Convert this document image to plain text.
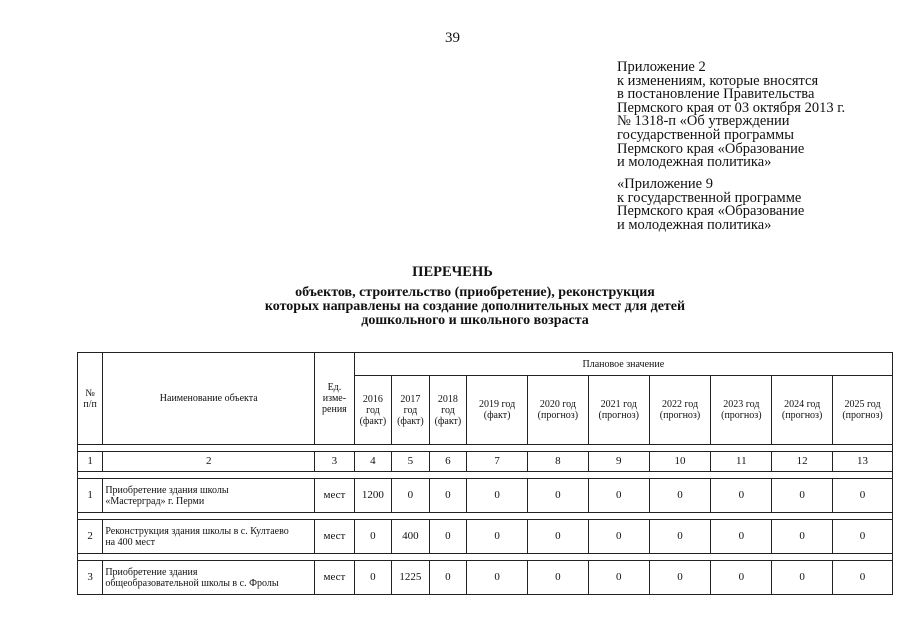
39
Приложение 2
к изменениям, которые вносятся
в постановление Правительства
Пермского края от 03 октября 2013 г.
№ 1318-п «Об утверждении
государственной программы
Пермского края «Образование
и молодежная политика»
«Приложение 9
к государственной программе
Пермского края «Образование
и молодежная политика»
ПЕРЕЧЕНЬ
объектов, строительство (приобретение), реконструкция
которых направлены на создание дополнительных мест для детей
дошкольного и школьного возраста
№
п/п	Наименование объекта	Ед.
изме-
рения	Плановое значение									
			2016
год
(факт)	2017
год
(факт)	2018
год
(факт)	2019 год
(факт)	2020 год
(прогноз)	2021 год
(прогноз)	2022 год
(прогноз)	2023 год
(прогноз)	2024 год
(прогноз)	2025 год
(прогноз)

1	2	3	4	5	6	7	8	9	10	11	12	13

1	Приобретение здания школы
«Мастерград» г. Перми	мест	1200	0	0	0	0	0	0	0	0	0

2	Реконструкция здания школы в с. Култаево
на 400 мест	мест	0	400	0	0	0	0	0	0	0	0

3	Приобретение здания
общеобразовательной школы в с. Фролы	мест	0	1225	0	0	0	0	0	0	0	0
